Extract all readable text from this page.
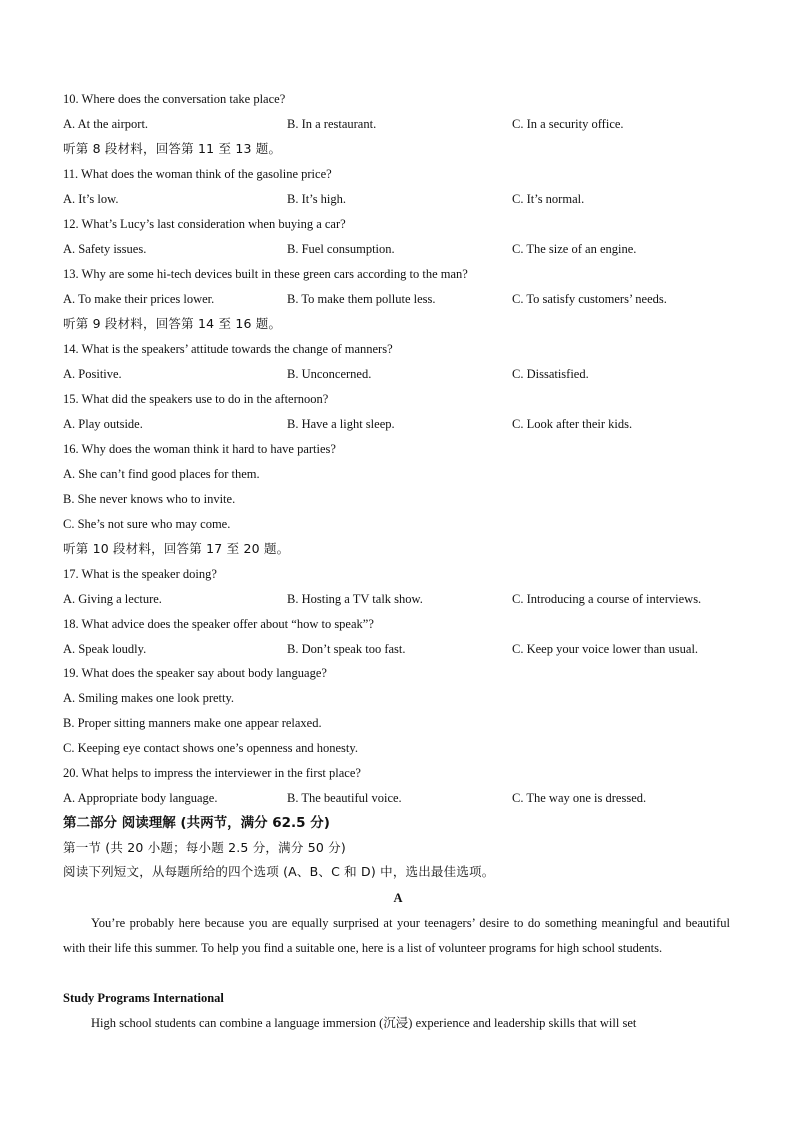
10. Where does the conversation take place?
A. At the airport.	B. In a restaurant.	C. In a security office.
听第 8 段材料，回答第 11 至 13 题。
11. What does the woman think of the gasoline price?
A. It’s low.	B. It’s high.	C. It’s normal.
12. What’s Lucy’s last consideration when buying a car?
A. Safety issues.	B. Fuel consumption.	C. The size of an engine.
13. Why are some hi-tech devices built in these green cars according to the man?
A. To make their prices lower.	B. To make them pollute less.	C. To satisfy customers’ needs.
听第 9 段材料，回答第 14 至 16 题。
14. What is the speakers’ attitude towards the change of manners?
A. Positive.	B. Unconcerned.	C. Dissatisfied.
15. What did the speakers use to do in the afternoon?
A. Play outside.	B. Have a light sleep.	C. Look after their kids.
16. Why does the woman think it hard to have parties?
A. She can’t find good places for them.
B. She never knows who to invite.
C. She’s not sure who may come.
听第 10 段材料，回答第 17 至 20 题。
17. What is the speaker doing?
A. Giving a lecture.	B. Hosting a TV talk show.	C. Introducing a course of interviews.
18. What advice does the speaker offer about “how to speak”?
A. Speak loudly.	B. Don’t speak too fast.	C. Keep your voice lower than usual.
19. What does the speaker say about body language?
A. Smiling makes one look pretty.
B. Proper sitting manners make one appear relaxed.
C. Keeping eye contact shows one’s openness and honesty.
20. What helps to impress the interviewer in the first place?
A. Appropriate body language.	B. The beautiful voice.	C. The way one is dressed.
第二部分 阅读理解 (共两节，满分 62.5 分)
第一节 (共 20 小题；每小题 2.5 分，满分 50 分)
阅读下列短文，从每题所给的四个选项 (A、B、C 和 D) 中，选出最佳选项。
A
You’re probably here because you are equally surprised at your teenagers’ desire to do something meaningful and beautiful with their life this summer. To help you find a suitable one, here is a list of volunteer programs for high school students.
Study Programs International
High school students can combine a language immersion (沉浸) experience and leadership skills that will set
